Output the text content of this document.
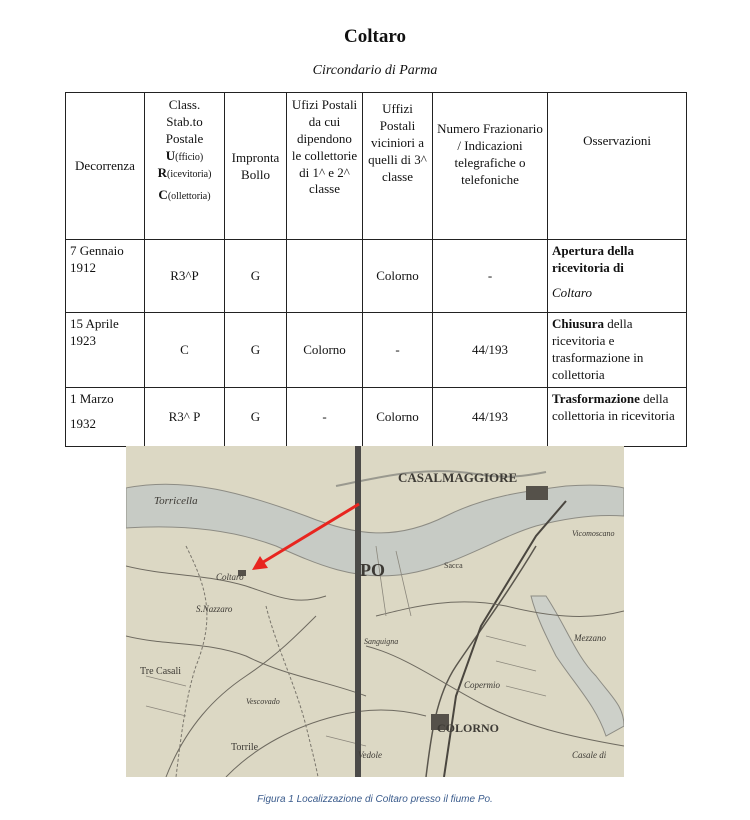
Coltaro
Circondario di Parma
Decorrenza	Class. Stab.to Postale
U(fficio)
R(icevitoria)
C(ollettoria)	Impronta Bollo	Ufizi Postali da cui dipendono le collettorie di 1^ e 2^ classe	Uffizi Postali viciniori a quelli di 3^ classe	Numero Frazionario / Indicazioni telegrafiche o telefoniche	Osservazioni
7 Gennaio 1912	R3^P	G		Colorno	-	Apertura della ricevitoria di
Coltaro

15 Aprile 1923	C	G	Colorno	-	44/193	Chiusura della ricevitoria e trasformazione in collettoria

1 Marzo
1932	R3^ P	G	-	Colorno	44/193	Trasformazione della collettoria in ricevitoria
CASALMAGGIORE
PO
Coltaro
COLORNO
Torricella
Sacca
Vicomoscano
Mezzano
Torrile
Tre Casali
Copermio
Vedole
Sanguigna
S.Nazzaro
Vescovado
Casale di
Figura 1 Localizzazione di Coltaro presso il fiume Po.
